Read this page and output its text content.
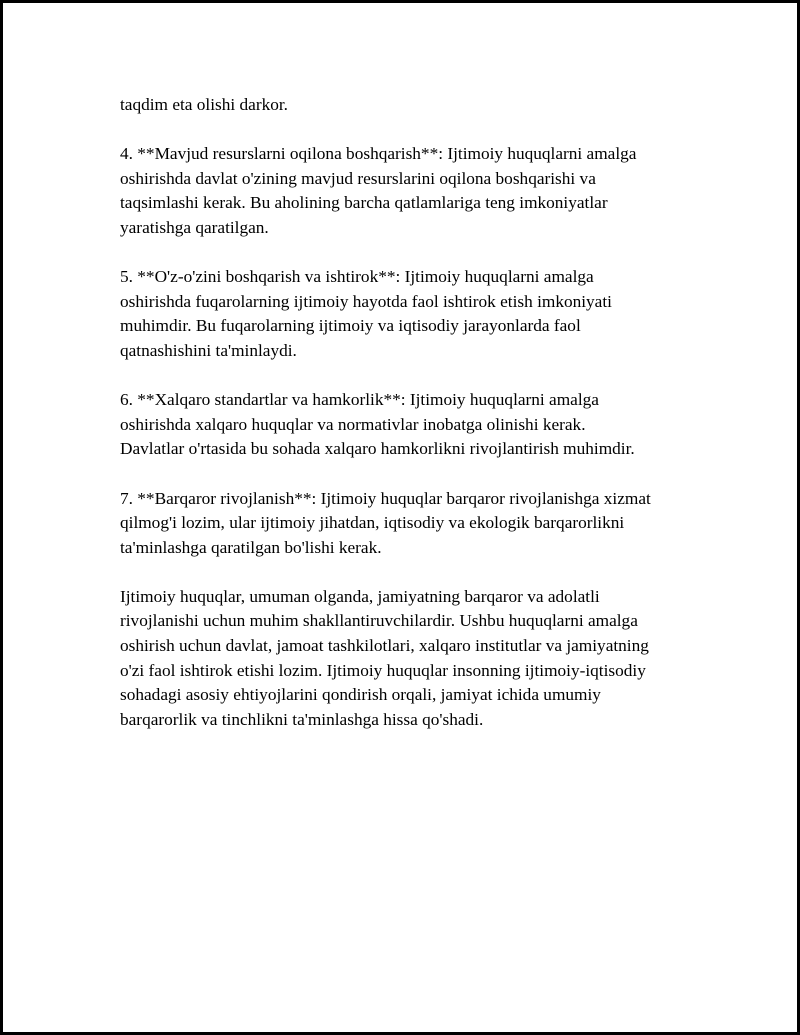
taqdim eta olishi darkor.

4. **Mavjud resurslarni oqilona boshqarish**: Ijtimoiy huquqlarni amalga
oshirishda davlat o'zining mavjud resurslarini oqilona boshqarishi va
taqsimlashi kerak. Bu aholining barcha qatlamlariga teng imkoniyatlar
yaratishga qaratilgan.

5. **O'z-o'zini boshqarish va ishtirok**: Ijtimoiy huquqlarni amalga
oshirishda fuqarolarning ijtimoiy hayotda faol ishtirok etish imkoniyati
muhimdir. Bu fuqarolarning ijtimoiy va iqtisodiy jarayonlarda faol
qatnashishini ta'minlaydi.

6. **Xalqaro standartlar va hamkorlik**: Ijtimoiy huquqlarni amalga
oshirishda xalqaro huquqlar va normativlar inobatga olinishi kerak.
Davlatlar o'rtasida bu sohada xalqaro hamkorlikni rivojlantirish muhimdir.

7. **Barqaror rivojlanish**: Ijtimoiy huquqlar barqaror rivojlanishga xizmat
qilmog'i lozim, ular ijtimoiy jihatdan, iqtisodiy va ekologik barqarorlikni
ta'minlashga qaratilgan bo'lishi kerak.

Ijtimoiy huquqlar, umuman olganda, jamiyatning barqaror va adolatli
rivojlanishi uchun muhim shakllantiruvchilardir. Ushbu huquqlarni amalga
oshirish uchun davlat, jamoat tashkilotlari, xalqaro institutlar va jamiyatning
o'zi faol ishtirok etishi lozim. Ijtimoiy huquqlar insonning ijtimoiy-iqtisodiy
sohadagi asosiy ehtiyojlarini qondirish orqali, jamiyat ichida umumiy
barqarorlik va tinchlikni ta'minlashga hissa qo'shadi.
